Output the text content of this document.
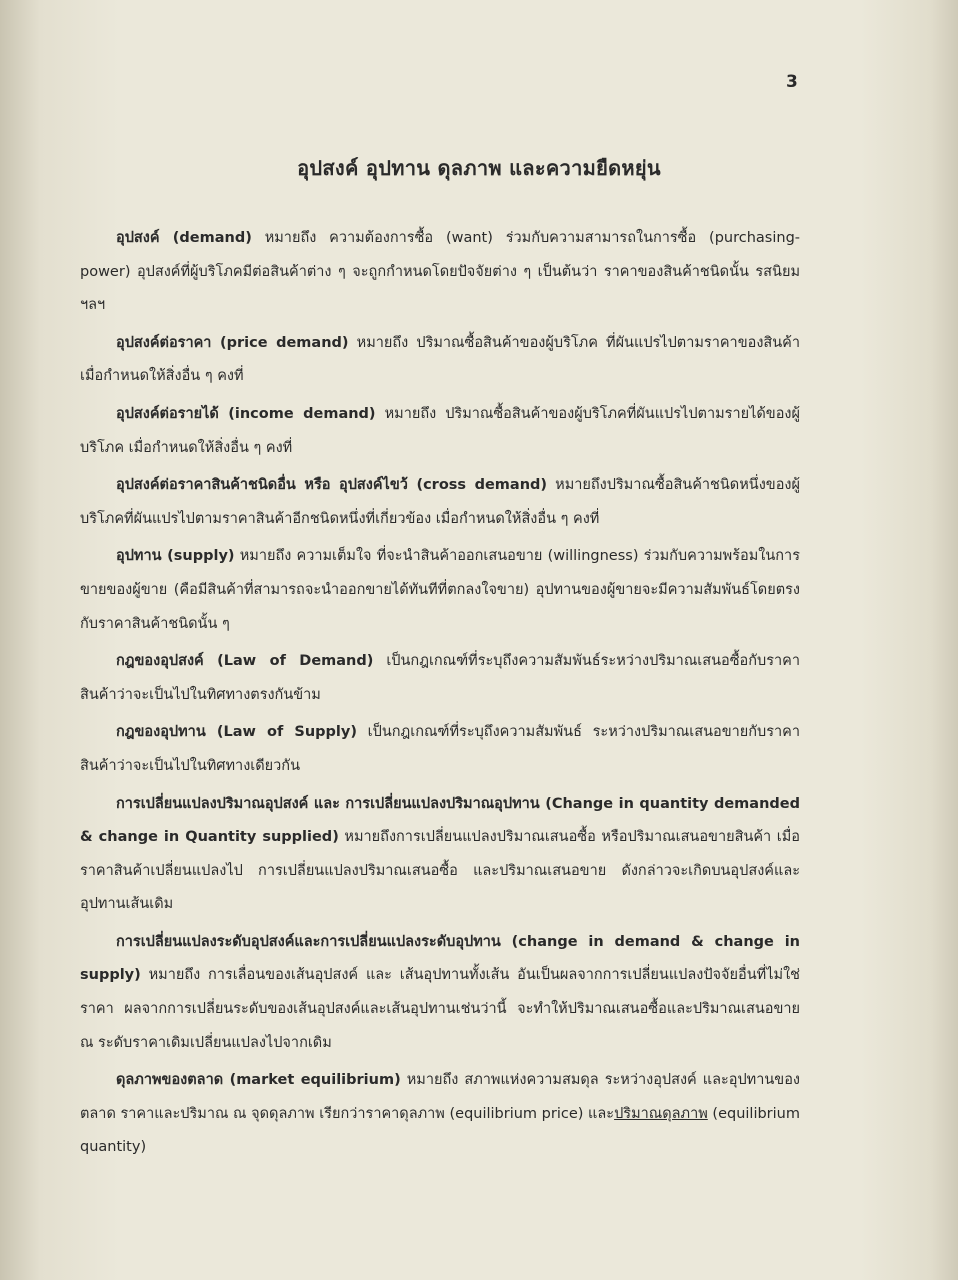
3
อุปสงค์ อุปทาน ดุลภาพ และความยืดหยุ่น

อุปสงค์ (demand) หมายถึง ความต้องการซื้อ (want) ร่วมกับความสามารถในการซื้อ (purchasing-power) อุปสงค์ที่ผู้บริโภคมีต่อสินค้าต่าง ๆ จะถูกกำหนดโดยปัจจัยต่าง ๆ เป็นต้นว่า ราคาของสินค้าชนิดนั้น รสนิยม ฯลฯ

อุปสงค์ต่อราคา (price demand) หมายถึง ปริมาณซื้อสินค้าของผู้บริโภค ที่ผันแปรไปตามราคาของสินค้า เมื่อกำหนดให้สิ่งอื่น ๆ คงที่

อุปสงค์ต่อรายได้ (income demand) หมายถึง ปริมาณซื้อสินค้าของผู้บริโภคที่ผันแปรไปตามรายได้ของผู้บริโภค เมื่อกำหนดให้สิ่งอื่น ๆ คงที่

อุปสงค์ต่อราคาสินค้าชนิดอื่น หรือ อุปสงค์ไขว้ (cross demand) หมายถึงปริมาณซื้อสินค้าชนิดหนึ่งของผู้บริโภคที่ผันแปรไปตามราคาสินค้าอีกชนิดหนึ่งที่เกี่ยวข้อง เมื่อกำหนดให้สิ่งอื่น ๆ คงที่

อุปทาน (supply) หมายถึง ความเต็มใจ ที่จะนำสินค้าออกเสนอขาย (willingness) ร่วมกับความพร้อมในการขายของผู้ขาย (คือมีสินค้าที่สามารถจะนำออกขายได้ทันทีที่ตกลงใจขาย) อุปทานของผู้ขายจะมีความสัมพันธ์โดยตรงกับราคาสินค้าชนิดนั้น ๆ

กฎของอุปสงค์ (Law of Demand) เป็นกฎเกณฑ์ที่ระบุถึงความสัมพันธ์ระหว่างปริมาณเสนอซื้อกับราคาสินค้าว่าจะเป็นไปในทิศทางตรงกันข้าม

กฎของอุปทาน (Law of Supply) เป็นกฎเกณฑ์ที่ระบุถึงความสัมพันธ์ ระหว่างปริมาณเสนอขายกับราคาสินค้าว่าจะเป็นไปในทิศทางเดียวกัน

การเปลี่ยนแปลงปริมาณอุปสงค์ และ การเปลี่ยนแปลงปริมาณอุปทาน (Change in quantity demanded & change in Quantity supplied) หมายถึงการเปลี่ยนแปลงปริมาณเสนอซื้อ หรือปริมาณเสนอขายสินค้า เมื่อราคาสินค้าเปลี่ยนแปลงไป การเปลี่ยนแปลงปริมาณเสนอซื้อ และปริมาณเสนอขาย ดังกล่าวจะเกิดบนอุปสงค์และอุปทานเส้นเดิม

การเปลี่ยนแปลงระดับอุปสงค์และการเปลี่ยนแปลงระดับอุปทาน (change in demand & change in supply) หมายถึง การเลื่อนของเส้นอุปสงค์ และ เส้นอุปทานทั้งเส้น อันเป็นผลจากการเปลี่ยนแปลงปัจจัยอื่นที่ไม่ใช่ราคา ผลจากการเปลี่ยนระดับของเส้นอุปสงค์และเส้นอุปทานเช่นว่านี้ จะทำให้ปริมาณเสนอซื้อและปริมาณเสนอขาย ณ ระดับราคาเดิมเปลี่ยนแปลงไปจากเดิม

ดุลภาพของตลาด (market equilibrium) หมายถึง สภาพแห่งความสมดุล ระหว่างอุปสงค์ และอุปทานของตลาด ราคาและปริมาณ ณ จุดดุลภาพ เรียกว่าราคาดุลภาพ (equilibrium price) และปริมาณดุลภาพ (equilibrium quantity)
